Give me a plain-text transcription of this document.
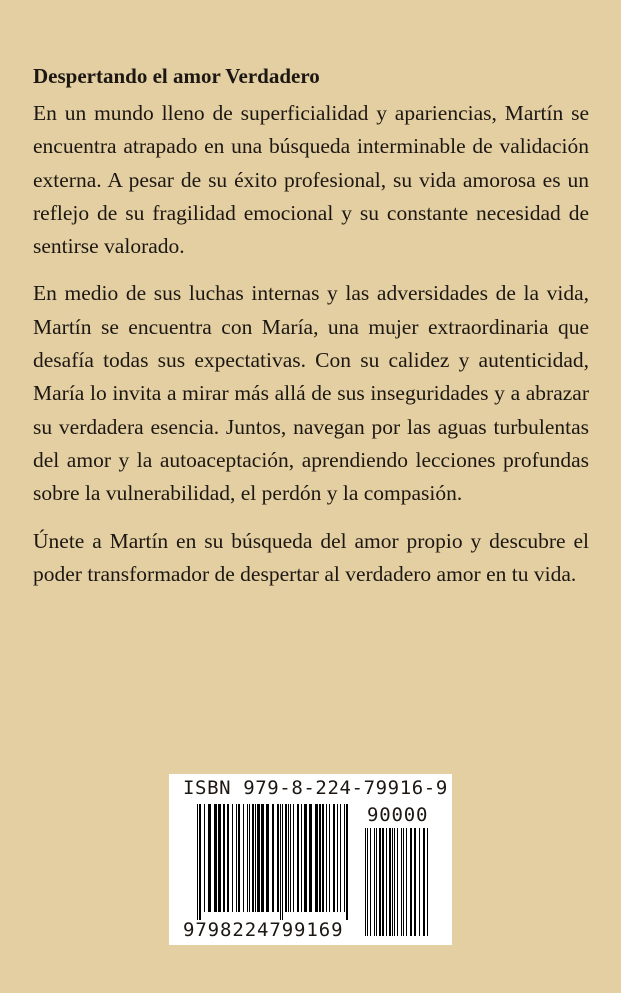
Despertando el amor Verdadero

En un mundo lleno de superficialidad y apariencias, Martín se encuentra atrapado en una búsqueda interminable de validación externa. A pesar de su éxito profesional, su vida amorosa es un reflejo de su fragilidad emocional y su constante necesidad de sentirse valorado.

En medio de sus luchas internas y las adversidades de la vida, Martín se encuentra con María, una mujer extraordinaria que desafía todas sus expectativas. Con su calidez y autenticidad, María lo invita a mirar más allá de sus inseguridades y a abrazar su verdadera esencia. Juntos, navegan por las aguas turbulentas del amor y la autoaceptación, aprendiendo lecciones profundas sobre la vulnerabilidad, el perdón y la compasión.

Únete a Martín en su búsqueda del amor propio y descubre el poder transformador de despertar al verdadero amor en tu vida.

ISBN 979-8-224-79916-9
90000
9798224799169
